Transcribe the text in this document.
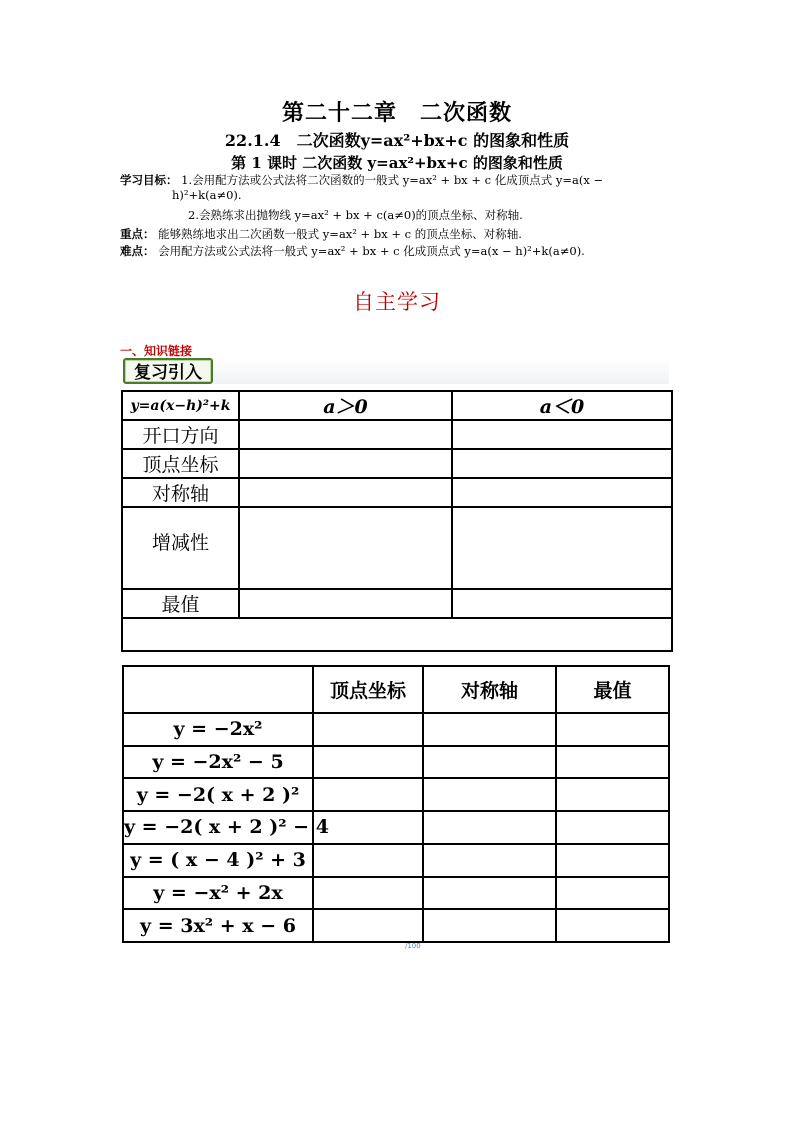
第二十二章　二次函数
22.1.4　二次函数y=ax²+bx+c 的图象和性质
第 1 课时 二次函数 y=ax²+bx+c 的图象和性质
学习目标： 1.会用配方法或公式法将二次函数的一般式 y=ax² + bx + c 化成顶点式 y=a(x −
h)²+k(a≠0).
2.会熟练求出抛物线 y=ax² + bx + c(a≠0)的顶点坐标、对称轴.
重点： 能够熟练地求出二次函数一般式 y=ax² + bx + c 的顶点坐标、对称轴.
难点： 会用配方法或公式法将一般式 y=ax² + bx + c 化成顶点式 y=a(x − h)²+k(a≠0).
自主学习
一、知识链接
复习引入
y=a(x−h)²+k	a＞0	a＜0
开口方向		
顶点坐标		
对称轴		
增减性		
最值		

	顶点坐标	对称轴	最值
y = −2x²			
y = −2x² − 5			
y = −2( x + 2 )²			
y = −2( x + 2 )² − 4			
y = ( x − 4 )² + 3			
y = −x² + 2x			
y = 3x² + x − 6			
/100
